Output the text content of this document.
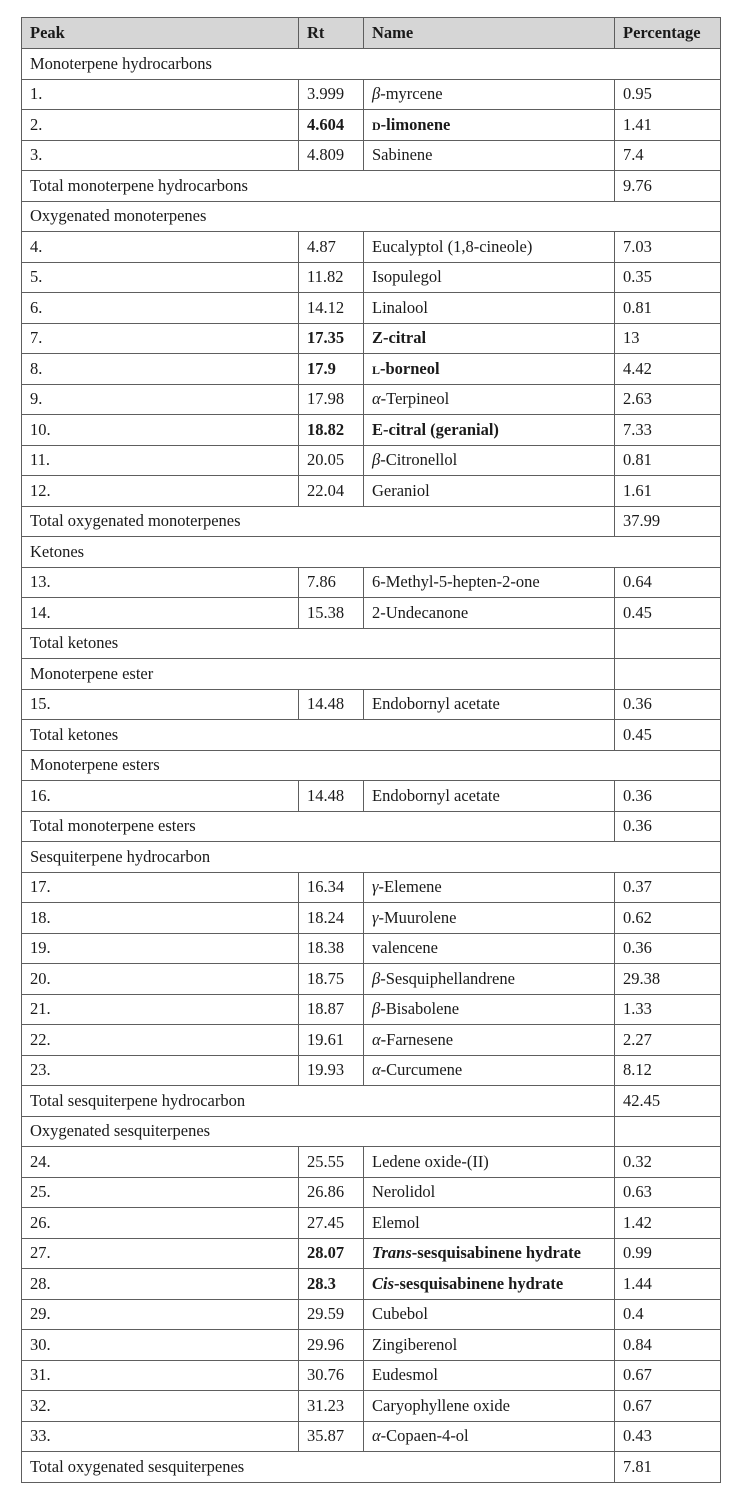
Peak	Rt	Name	Percentage
Monoterpene hydrocarbons			
1.	3.999	β-myrcene	0.95
2.	4.604	d-limonene	1.41
3.	4.809	Sabinene	7.4
Total monoterpene hydrocarbons			9.76
Oxygenated monoterpenes			
4.	4.87	Eucalyptol (1,8-cineole)	7.03
5.	11.82	Isopulegol	0.35
6.	14.12	Linalool	0.81
7.	17.35	Z-citral	13
8.	17.9	l-borneol	4.42
9.	17.98	α-Terpineol	2.63
10.	18.82	E-citral (geranial)	7.33
11.	20.05	β-Citronellol	0.81
12.	22.04	Geraniol	1.61
Total oxygenated monoterpenes			37.99
Ketones			
13.	7.86	6-Methyl-5-hepten-2-one	0.64
14.	15.38	2-Undecanone	0.45
Total ketones			
Monoterpene ester			
15.	14.48	Endobornyl acetate	0.36
Total ketones			0.45
Monoterpene esters			
16.	14.48	Endobornyl acetate	0.36
Total monoterpene esters			0.36
Sesquiterpene hydrocarbon			
17.	16.34	γ-Elemene	0.37
18.	18.24	γ-Muurolene	0.62
19.	18.38	valencene	0.36
20.	18.75	β-Sesquiphellandrene	29.38
21.	18.87	β-Bisabolene	1.33
22.	19.61	α-Farnesene	2.27
23.	19.93	α-Curcumene	8.12
Total sesquiterpene hydrocarbon			42.45
Oxygenated sesquiterpenes			
24.	25.55	Ledene oxide-(II)	0.32
25.	26.86	Nerolidol	0.63
26.	27.45	Elemol	1.42
27.	28.07	Trans-sesquisabinene hydrate	0.99
28.	28.3	Cis-sesquisabinene hydrate	1.44
29.	29.59	Cubebol	0.4
30.	29.96	Zingiberenol	0.84
31.	30.76	Eudesmol	0.67
32.	31.23	Caryophyllene oxide	0.67
33.	35.87	α-Copaen-4-ol	0.43
Total oxygenated sesquiterpenes			7.81
